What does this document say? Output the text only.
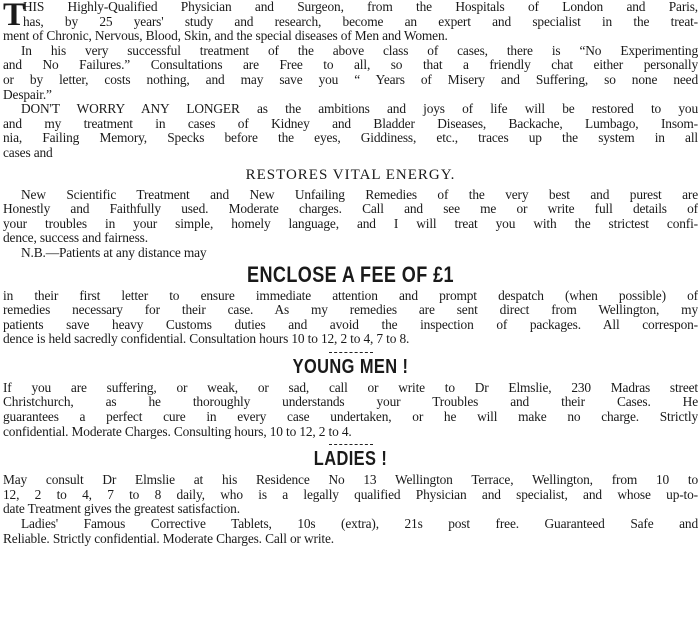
T
HIS Highly-Qualified Physician and Surgeon, from the Hospitals of London and Paris,
has, by 25 years' study and research, become an expert and specialist in the treat-
ment of Chronic, Nervous, Blood, Skin, and the special diseases of Men and Women.
In his very successful treatment of the above class of cases, there is “No Experimenting
and No Failures.” Consultations are Free to all, so that a friendly chat either personally
or by letter, costs nothing, and may save you “ Years of Misery and Suffering, so none need
Despair.”
DON'T WORRY ANY LONGER as the ambitions and joys of life will be restored to you
and my treatment in cases of Kidney and Bladder Diseases, Backache, Lumbago, Insom-
nia, Failing Memory, Specks before the eyes, Giddiness, etc., traces up the system in all
cases and
RESTORES VITAL ENERGY.
New Scientific Treatment and New Unfailing Remedies of the very best and purest are
Honestly and Faithfully used. Moderate charges. Call and see me or write full details of
your troubles in your simple, homely language, and I will treat you with the strictest confi-
dence, success and fairness.
N.B.—Patients at any distance may
ENCLOSE A FEE OF £1
in their first letter to ensure immediate attention and prompt despatch (when possible) of
remedies necessary for their case. As my remedies are sent direct from Wellington, my
patients save heavy Customs duties and avoid the inspection of packages. All correspon-
dence is held sacredly confidential. Consultation hours 10 to 12, 2 to 4, 7 to 8.
YOUNG MEN !
If you are suffering, or weak, or sad, call or write to Dr Elmslie, 230 Madras street
Christchurch, as he thoroughly understands your Troubles and their Cases. He
guarantees a perfect cure in every case undertaken, or he will make no charge. Strictly
confidential. Moderate Charges. Consulting hours, 10 to 12, 2 to 4.
LADIES !
May consult Dr Elmslie at his Residence No 13 Wellington Terrace, Wellington, from 10 to
12, 2 to 4, 7 to 8 daily, who is a legally qualified Physician and specialist, and whose up-to-
date Treatment gives the greatest satisfaction.
Ladies' Famous Corrective Tablets, 10s (extra), 21s post free. Guaranteed Safe and
Reliable. Strictly confidential. Moderate Charges. Call or write.
